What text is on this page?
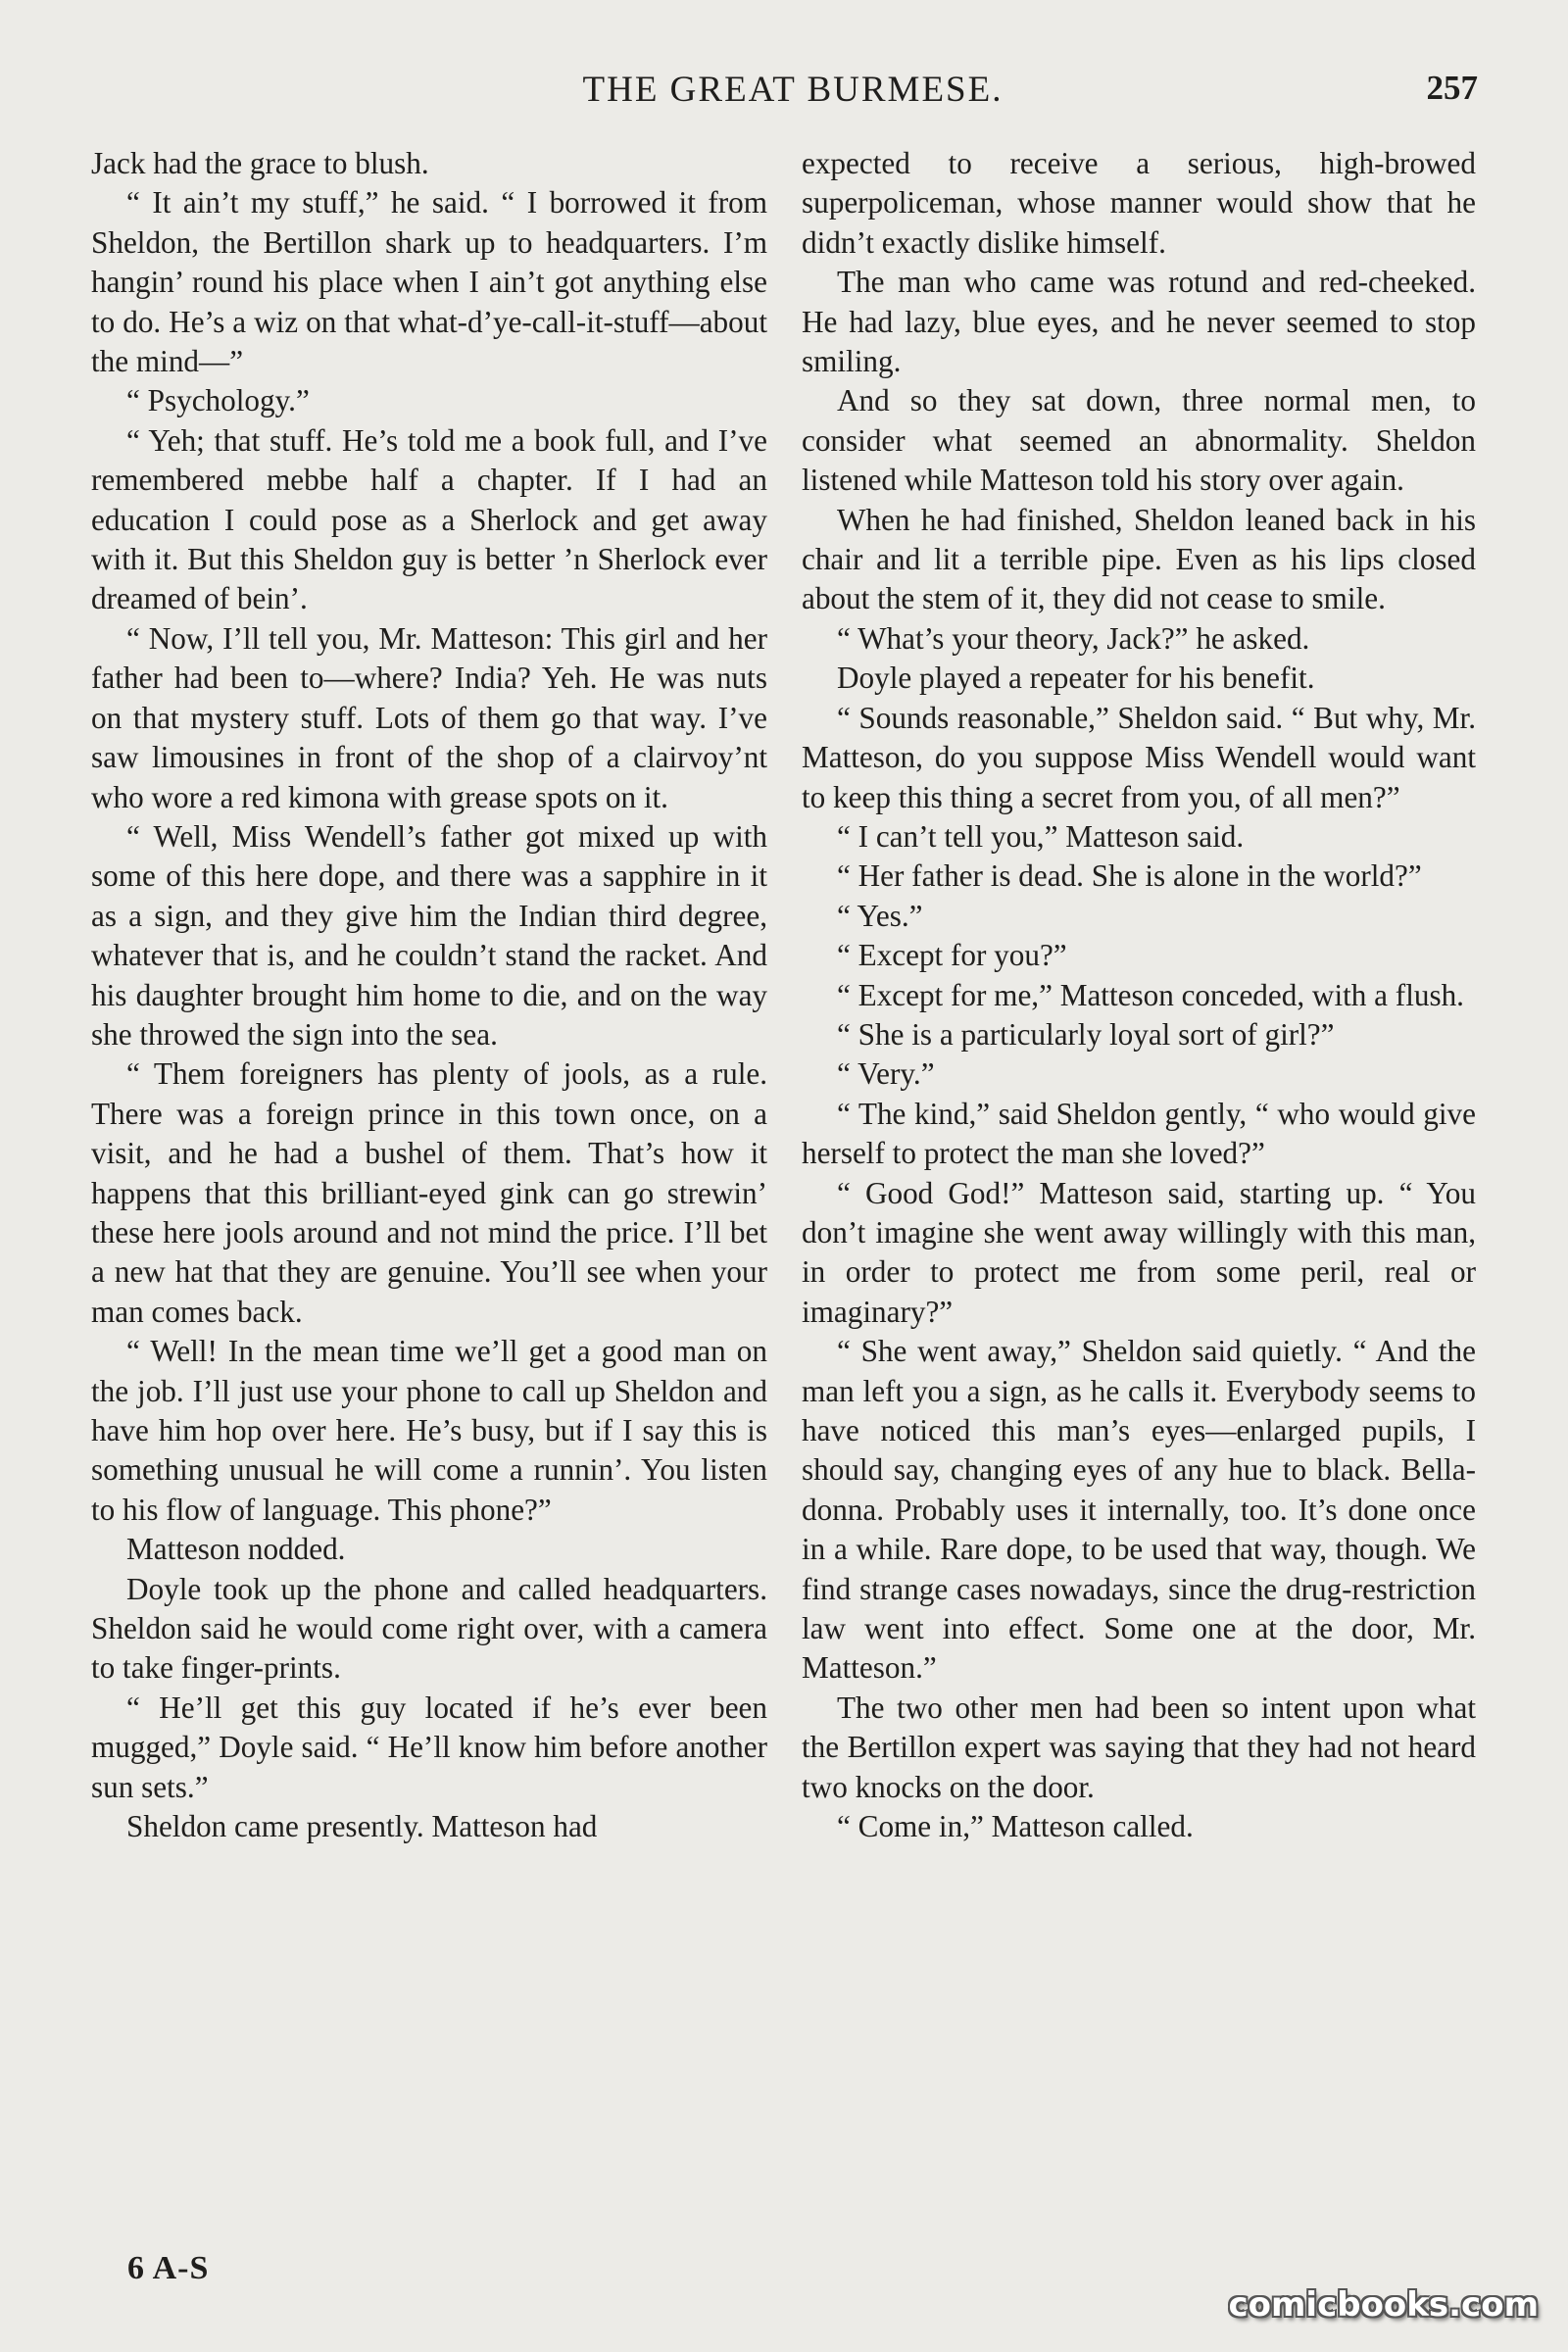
THE GREAT BURMESE.	257

Jack had the grace to blush.

“ It ain’t my stuff,” he said. “ I borrowed it from Sheldon, the Bertillon shark up to headquarters. I’m hangin’ round his place when I ain’t got anything else to do. He’s a wiz on that what-d’ye-call-it-stuff—about the mind—”

“ Psychology.”

“ Yeh; that stuff. He’s told me a book full, and I’ve remembered mebbe half a chapter. If I had an education I could pose as a Sherlock and get away with it. But this Sheldon guy is better ’n Sherlock ever dreamed of bein’.

“ Now, I’ll tell you, Mr. Matteson: This girl and her father had been to—where? India? Yeh. He was nuts on that mystery stuff. Lots of them go that way. I’ve saw limousines in front of the shop of a clairvoy’nt who wore a red kimona with grease spots on it.

“ Well, Miss Wendell’s father got mixed up with some of this here dope, and there was a sapphire in it as a sign, and they give him the Indian third degree, whatever that is, and he couldn’t stand the racket. And his daughter brought him home to die, and on the way she throwed the sign into the sea.

“ Them foreigners has plenty of jools, as a rule. There was a foreign prince in this town once, on a visit, and he had a bushel of them. That’s how it happens that this brilliant-eyed gink can go strewin’ these here jools around and not mind the price. I’ll bet a new hat that they are genuine. You’ll see when your man comes back.

“ Well! In the mean time we’ll get a good man on the job. I’ll just use your phone to call up Sheldon and have him hop over here. He’s busy, but if I say this is something unusual he will come a runnin’. You listen to his flow of language. This phone?”

Matteson nodded.

Doyle took up the phone and called headquarters. Sheldon said he would come right over, with a camera to take finger-prints.

“ He’ll get this guy located if he’s ever been mugged,” Doyle said. “ He’ll know him before another sun sets.”

Sheldon came presently. Matteson had

expected to receive a serious, high-browed superpoliceman, whose manner would show that he didn’t exactly dislike himself.

The man who came was rotund and red-cheeked. He had lazy, blue eyes, and he never seemed to stop smiling.

And so they sat down, three normal men, to consider what seemed an abnormality. Sheldon listened while Matteson told his story over again.

When he had finished, Sheldon leaned back in his chair and lit a terrible pipe. Even as his lips closed about the stem of it, they did not cease to smile.

“ What’s your theory, Jack?” he asked.

Doyle played a repeater for his benefit.

“ Sounds reasonable,” Sheldon said. “ But why, Mr. Matteson, do you suppose Miss Wendell would want to keep this thing a secret from you, of all men?”

“ I can’t tell you,” Matteson said.

“ Her father is dead. She is alone in the world?”

“ Yes.”

“ Except for you?”

“ Except for me,” Matteson conceded, with a flush.

“ She is a particularly loyal sort of girl?”

“ Very.”

“ The kind,” said Sheldon gently, “ who would give herself to protect the man she loved?”

“ Good God!” Matteson said, starting up. “ You don’t imagine she went away willingly with this man, in order to protect me from some peril, real or imaginary?”

“ She went away,” Sheldon said quietly. “ And the man left you a sign, as he calls it. Everybody seems to have noticed this man’s eyes—enlarged pupils, I should say, changing eyes of any hue to black. Bella-donna. Probably uses it internally, too. It’s done once in a while. Rare dope, to be used that way, though. We find strange cases nowadays, since the drug-restriction law went into effect. Some one at the door, Mr. Matteson.”

The two other men had been so intent upon what the Bertillon expert was saying that they had not heard two knocks on the door.

“ Come in,” Matteson called.

6 A-S
comicbooks.com
